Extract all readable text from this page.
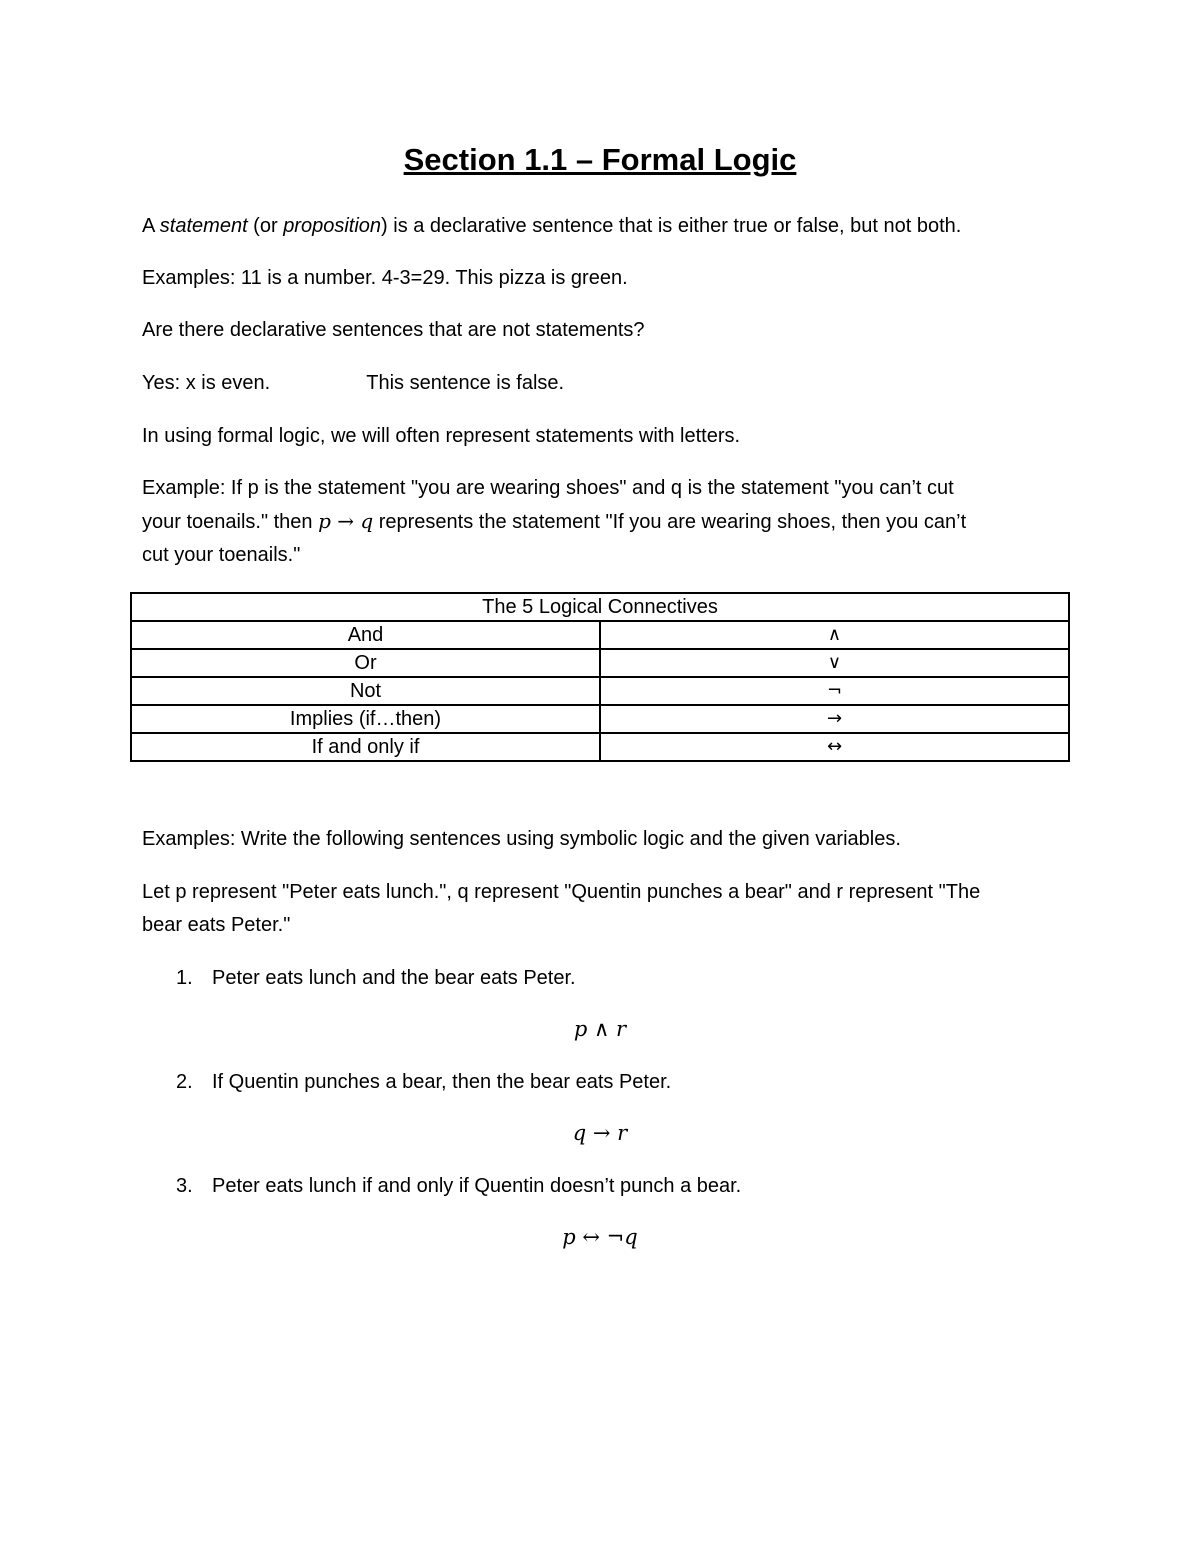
Section 1.1 – Formal Logic
A statement (or proposition) is a declarative sentence that is either true or false, but not both.
Examples: 11 is a number. 4-3=29. This pizza is green.
Are there declarative sentences that are not statements?
Yes: x is even.	This sentence is false.
In using formal logic, we will often represent statements with letters.
Example: If p is the statement "you are wearing shoes" and q is the statement "you can’t cut
your toenails." then p → q represents the statement "If you are wearing shoes, then you can’t
cut your toenails."
The 5 Logical Connectives	
And	∧
Or	∨
Not	¬
Implies (if…then)	→
If and only if	↔
Examples: Write the following sentences using symbolic logic and the given variables.
Let p represent "Peter eats lunch.", q represent "Quentin punches a bear" and r represent "The
bear eats Peter."
1. Peter eats lunch and the bear eats Peter.
p ∧ r
2. If Quentin punches a bear, then the bear eats Peter.
q → r
3. Peter eats lunch if and only if Quentin doesn’t punch a bear.
p ↔ ¬q
